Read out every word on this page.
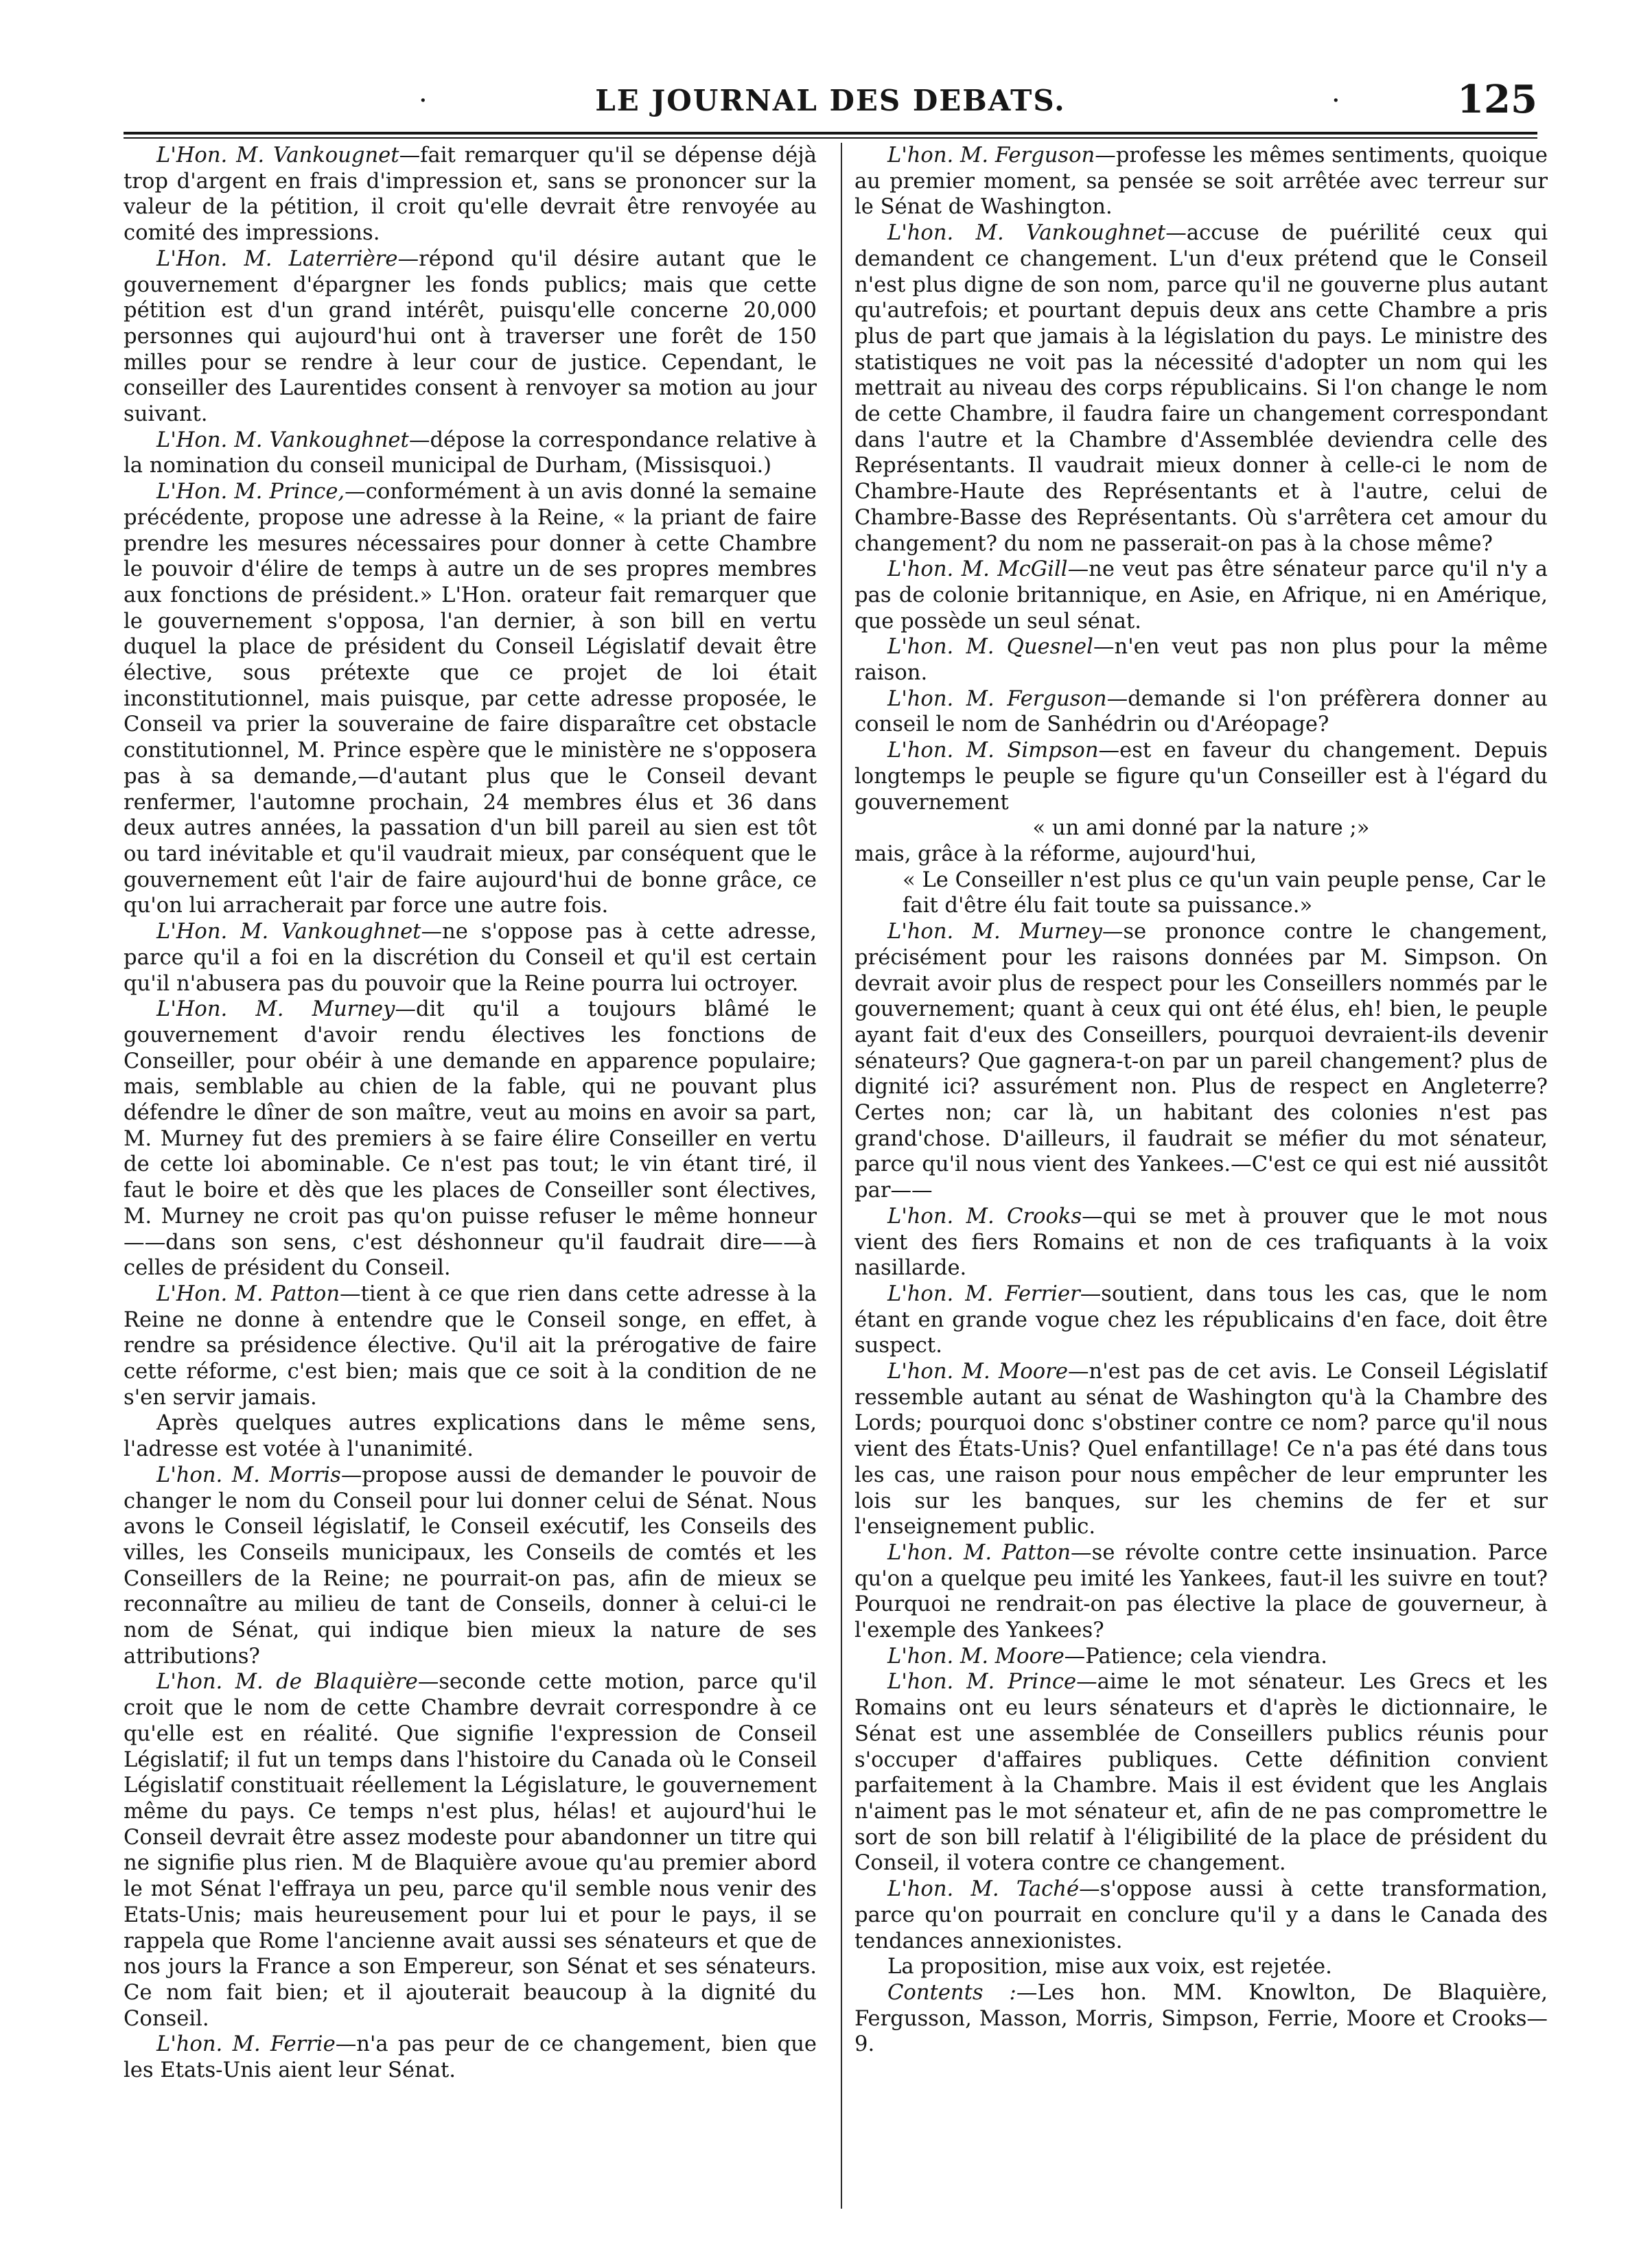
·	LE JOURNAL DES DEBATS.	·	125

L'Hon. M. Vankougnet—fait remarquer qu'il se dépense déjà trop d'argent en frais d'impression et, sans se prononcer sur la valeur de la pétition, il croit qu'elle devrait être renvoyée au comité des impressions.

L'Hon. M. Laterrière—répond qu'il désire autant que le gouvernement d'épargner les fonds publics; mais que cette pétition est d'un grand intérêt, puisqu'elle concerne 20,000 personnes qui aujourd'hui ont à traverser une forêt de 150 milles pour se rendre à leur cour de justice. Cependant, le conseiller des Laurentides consent à renvoyer sa motion au jour suivant.

L'Hon. M. Vankoughnet—dépose la correspondance relative à la nomination du conseil municipal de Durham, (Missisquoi.)

L'Hon. M. Prince,—conformément à un avis donné la semaine précédente, propose une adresse à la Reine, « la priant de faire prendre les mesures nécessaires pour donner à cette Chambre le pouvoir d'élire de temps à autre un de ses propres membres aux fonctions de président.» L'Hon. orateur fait remarquer que le gouvernement s'opposa, l'an dernier, à son bill en vertu duquel la place de président du Conseil Législatif devait être élective, sous prétexte que ce projet de loi était inconstitutionnel, mais puisque, par cette adresse proposée, le Conseil va prier la souveraine de faire disparaître cet obstacle constitutionnel, M. Prince espère que le ministère ne s'opposera pas à sa demande,—d'autant plus que le Conseil devant renfermer, l'automne prochain, 24 membres élus et 36 dans deux autres années, la passation d'un bill pareil au sien est tôt ou tard inévitable et qu'il vaudrait mieux, par conséquent que le gouvernement eût l'air de faire aujourd'hui de bonne grâce, ce qu'on lui arracherait par force une autre fois.

L'Hon. M. Vankoughnet—ne s'oppose pas à cette adresse, parce qu'il a foi en la discrétion du Conseil et qu'il est certain qu'il n'abusera pas du pouvoir que la Reine pourra lui octroyer.

L'Hon. M. Murney—dit qu'il a toujours blâmé le gouvernement d'avoir rendu électives les fonctions de Conseiller, pour obéir à une demande en apparence populaire; mais, semblable au chien de la fable, qui ne pouvant plus défendre le dîner de son maître, veut au moins en avoir sa part, M. Murney fut des premiers à se faire élire Conseiller en vertu de cette loi abominable. Ce n'est pas tout; le vin étant tiré, il faut le boire et dès que les places de Conseiller sont électives, M. Murney ne croit pas qu'on puisse refuser le même honneur——dans son sens, c'est déshonneur qu'il faudrait dire——à celles de président du Conseil.

L'Hon. M. Patton—tient à ce que rien dans cette adresse à la Reine ne donne à entendre que le Conseil songe, en effet, à rendre sa présidence élective. Qu'il ait la prérogative de faire cette réforme, c'est bien; mais que ce soit à la condition de ne s'en servir jamais.

Après quelques autres explications dans le même sens, l'adresse est votée à l'unanimité.

L'hon. M. Morris—propose aussi de demander le pouvoir de changer le nom du Conseil pour lui donner celui de Sénat. Nous avons le Conseil législatif, le Conseil exécutif, les Conseils des villes, les Conseils municipaux, les Conseils de comtés et les Conseillers de la Reine; ne pourrait-on pas, afin de mieux se reconnaître au milieu de tant de Conseils, donner à celui-ci le nom de Sénat, qui indique bien mieux la nature de ses attributions?

L'hon. M. de Blaquière—seconde cette motion, parce qu'il croit que le nom de cette Chambre devrait correspondre à ce qu'elle est en réalité. Que signifie l'expression de Conseil Législatif; il fut un temps dans l'histoire du Canada où le Conseil Législatif constituait réellement la Législature, le gouvernement même du pays. Ce temps n'est plus, hélas! et aujourd'hui le Conseil devrait être assez modeste pour abandonner un titre qui ne signifie plus rien. M de Blaquière avoue qu'au premier abord le mot Sénat l'effraya un peu, parce qu'il semble nous venir des Etats-Unis; mais heureusement pour lui et pour le pays, il se rappela que Rome l'ancienne avait aussi ses sénateurs et que de nos jours la France a son Empereur, son Sénat et ses sénateurs. Ce nom fait bien; et il ajouterait beaucoup à la dignité du Conseil.

L'hon. M. Ferrie—n'a pas peur de ce changement, bien que les Etats-Unis aient leur Sénat.

L'hon. M. Ferguson—professe les mêmes sentiments, quoique au premier moment, sa pensée se soit arrêtée avec terreur sur le Sénat de Washington.

L'hon. M. Vankoughnet—accuse de puérilité ceux qui demandent ce changement. L'un d'eux prétend que le Conseil n'est plus digne de son nom, parce qu'il ne gouverne plus autant qu'autrefois; et pourtant depuis deux ans cette Chambre a pris plus de part que jamais à la législation du pays. Le ministre des statistiques ne voit pas la nécessité d'adopter un nom qui les mettrait au niveau des corps républicains. Si l'on change le nom de cette Chambre, il faudra faire un changement correspondant dans l'autre et la Chambre d'Assemblée deviendra celle des Représentants. Il vaudrait mieux donner à celle-ci le nom de Chambre-Haute des Représentants et à l'autre, celui de Chambre-Basse des Représentants. Où s'arrêtera cet amour du changement? du nom ne passerait-on pas à la chose même?

L'hon. M. McGill—ne veut pas être sénateur parce qu'il n'y a pas de colonie britannique, en Asie, en Afrique, ni en Amérique, que possède un seul sénat.

L'hon. M. Quesnel—n'en veut pas non plus pour la même raison.

L'hon. M. Ferguson—demande si l'on préfèrera donner au conseil le nom de Sanhédrin ou d'Aréopage?

L'hon. M. Simpson—est en faveur du changement. Depuis longtemps le peuple se figure qu'un Conseiller est à l'égard du gouvernement

« un ami donné par la nature ;»

mais, grâce à la réforme, aujourd'hui,

« Le Conseiller n'est plus ce qu'un vain peuple pense, Car le fait d'être élu fait toute sa puissance.»

L'hon. M. Murney—se prononce contre le changement, précisément pour les raisons données par M. Simpson. On devrait avoir plus de respect pour les Conseillers nommés par le gouvernement; quant à ceux qui ont été élus, eh! bien, le peuple ayant fait d'eux des Conseillers, pourquoi devraient-ils devenir sénateurs? Que gagnera-t-on par un pareil changement? plus de dignité ici? assurément non. Plus de respect en Angleterre? Certes non; car là, un habitant des colonies n'est pas grand'chose. D'ailleurs, il faudrait se méfier du mot sénateur, parce qu'il nous vient des Yankees.—C'est ce qui est nié aussitôt par——

L'hon. M. Crooks—qui se met à prouver que le mot nous vient des fiers Romains et non de ces trafiquants à la voix nasillarde.

L'hon. M. Ferrier—soutient, dans tous les cas, que le nom étant en grande vogue chez les républicains d'en face, doit être suspect.

L'hon. M. Moore—n'est pas de cet avis. Le Conseil Législatif ressemble autant au sénat de Washington qu'à la Chambre des Lords; pourquoi donc s'obstiner contre ce nom? parce qu'il nous vient des États-Unis? Quel enfantillage! Ce n'a pas été dans tous les cas, une raison pour nous empêcher de leur emprunter les lois sur les banques, sur les chemins de fer et sur l'enseignement public.

L'hon. M. Patton—se révolte contre cette insinuation. Parce qu'on a quelque peu imité les Yankees, faut-il les suivre en tout? Pourquoi ne rendrait-on pas élective la place de gouverneur, à l'exemple des Yankees?

L'hon. M. Moore—Patience; cela viendra.

L'hon. M. Prince—aime le mot sénateur. Les Grecs et les Romains ont eu leurs sénateurs et d'après le dictionnaire, le Sénat est une assemblée de Conseillers publics réunis pour s'occuper d'affaires publiques. Cette définition convient parfaitement à la Chambre. Mais il est évident que les Anglais n'aiment pas le mot sénateur et, afin de ne pas compromettre le sort de son bill relatif à l'éligibilité de la place de président du Conseil, il votera contre ce changement.

L'hon. M. Taché—s'oppose aussi à cette transformation, parce qu'on pourrait en conclure qu'il y a dans le Canada des tendances annexionistes.

La proposition, mise aux voix, est rejetée.

Contents :—Les hon. MM. Knowlton, De Blaquière, Fergusson, Masson, Morris, Simpson, Ferrie, Moore et Crooks—9.
